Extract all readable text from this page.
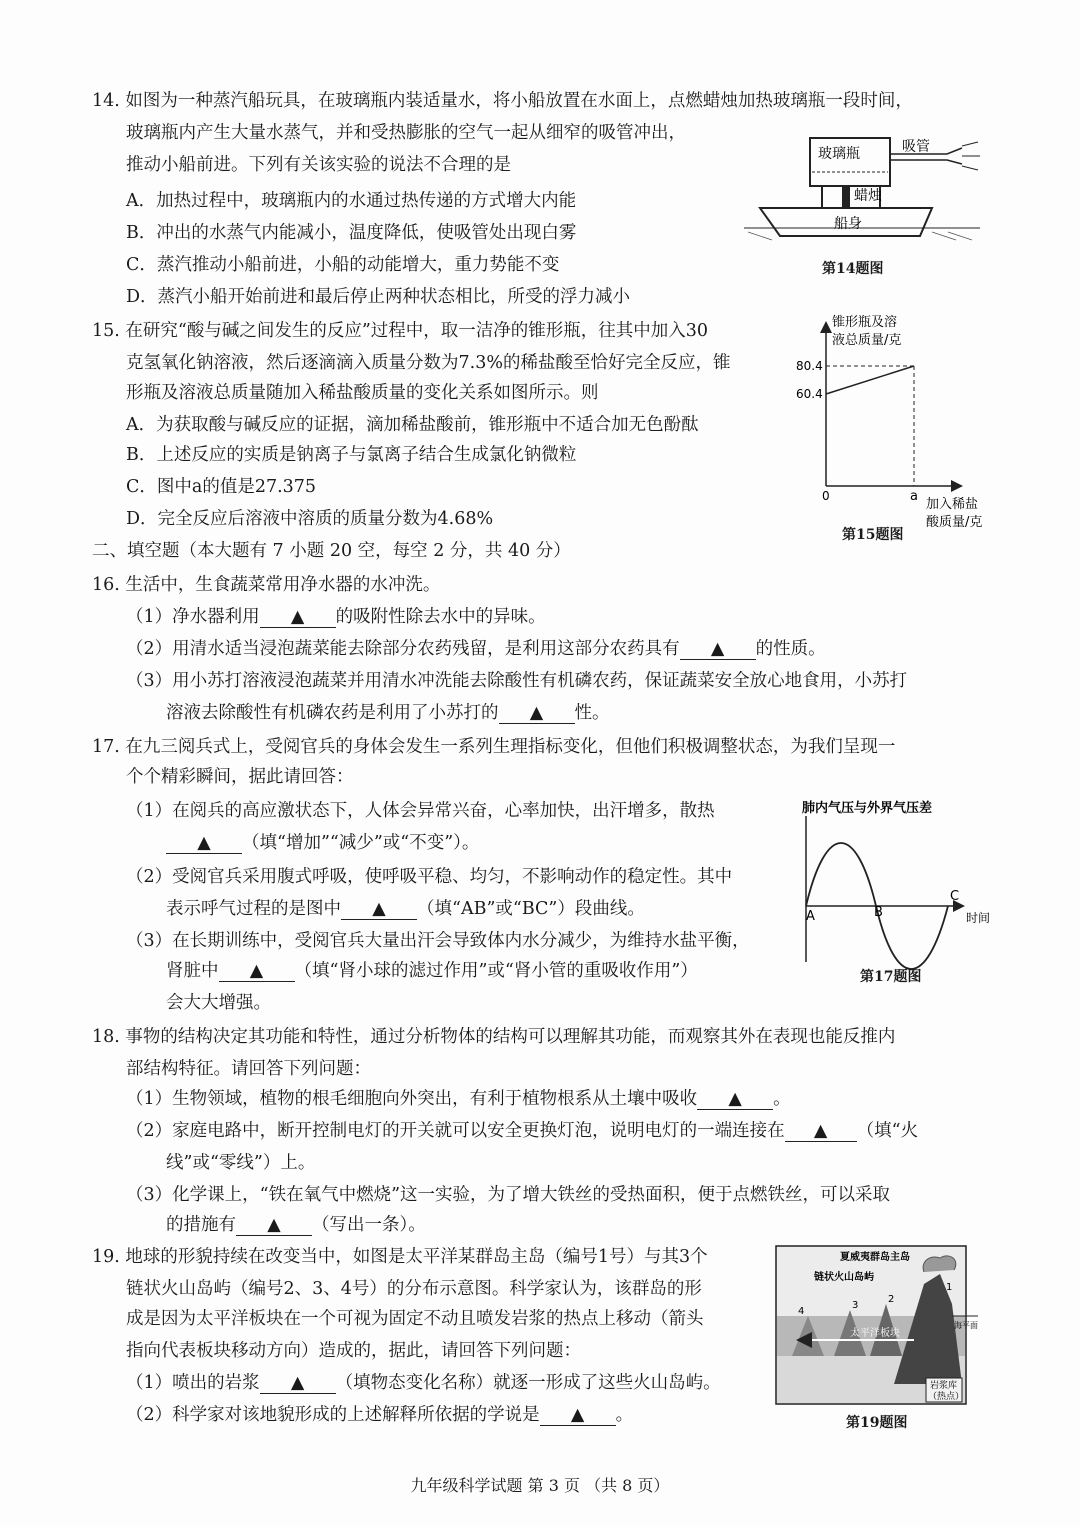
14. 如图为一种蒸汽船玩具，在玻璃瓶内装适量水，将小船放置在水面上，点燃蜡烛加热玻璃瓶一段时间，
玻璃瓶内产生大量水蒸气，并和受热膨胀的空气一起从细窄的吸管冲出，
推动小船前进。下列有关该实验的说法不合理的是
A．加热过程中，玻璃瓶内的水通过热传递的方式增大内能
B．冲出的水蒸气内能减小，温度降低，使吸管处出现白雾
C．蒸汽推动小船前进，小船的动能增大，重力势能不变
D．蒸汽小船开始前进和最后停止两种状态相比，所受的浮力减小
玻璃瓶	吸管
蜡烛
船身
第14题图
15. 在研究“酸与碱之间发生的反应”过程中，取一洁净的锥形瓶，往其中加入30
克氢氧化钠溶液，然后逐滴滴入质量分数为7.3%的稀盐酸至恰好完全反应，锥
形瓶及溶液总质量随加入稀盐酸质量的变化关系如图所示。则
A．为获取酸与碱反应的证据，滴加稀盐酸前，锥形瓶中不适合加无色酚酞
B．上述反应的实质是钠离子与氯离子结合生成氯化钠微粒
C．图中a的值是27.375
D．完全反应后溶液中溶质的质量分数为4.68%
锥形瓶及溶
液总质量/克
80.4
60.4
0	a
加入稀盐
酸质量/克
第15题图
二、填空题（本大题有 7 小题 20 空，每空 2 分，共 40 分）
16. 生活中，生食蔬菜常用净水器的水冲洗。
（1）净水器利用 ▲ 的吸附性除去水中的异味。
（2）用清水适当浸泡蔬菜能去除部分农药残留，是利用这部分农药具有 ▲ 的性质。
（3）用小苏打溶液浸泡蔬菜并用清水冲洗能去除酸性有机磷农药，保证蔬菜安全放心地食用，小苏打
溶液去除酸性有机磷农药是利用了小苏打的 ▲ 性。
17. 在九三阅兵式上，受阅官兵的身体会发生一系列生理指标变化，但他们积极调整状态，为我们呈现一
个个精彩瞬间，据此请回答：
（1）在阅兵的高应激状态下，人体会异常兴奋，心率加快，出汗增多，散热
▲ （填“增加”“减少”或“不变”）。
（2）受阅官兵采用腹式呼吸，使呼吸平稳、均匀，不影响动作的稳定性。其中
表示呼气过程的是图中 ▲ （填“AB”或“BC”）段曲线。
（3）在长期训练中，受阅官兵大量出汗会导致体内水分减少，为维持水盐平衡，
肾脏中 ▲ （填“肾小球的滤过作用”或“肾小管的重吸收作用”）
会大大增强。
肺内气压与外界气压差
A	B
C
时间
第17题图
18. 事物的结构决定其功能和特性，通过分析物体的结构可以理解其功能，而观察其外在表现也能反推内
部结构特征。请回答下列问题：
（1）生物领域，植物的根毛细胞向外突出，有利于植物根系从土壤中吸收 ▲ 。
（2）家庭电路中，断开控制电灯的开关就可以安全更换灯泡，说明电灯的一端连接在 ▲ （填“火
线”或“零线”）上。
（3）化学课上，“铁在氧气中燃烧”这一实验，为了增大铁丝的受热面积，便于点燃铁丝，可以采取
的措施有 ▲ （写出一条）。
19. 地球的形貌持续在改变当中，如图是太平洋某群岛主岛（编号1号）与其3个
链状火山岛屿（编号2、3、4号）的分布示意图。科学家认为，该群岛的形
成是因为太平洋板块在一个可视为固定不动且喷发岩浆的热点上移动（箭头
指向代表板块移动方向）造成的，据此，请回答下列问题：
（1）喷出的岩浆 ▲ （填物态变化名称）就逐一形成了这些火山岛屿。
（2）科学家对该地貌形成的上述解释所依据的学说是 ▲ 。
夏威夷群岛主岛
链状火山岛屿
太平洋板块
海平面
岩浆库
（热点）
1
2
3
4
第19题图
九年级科学试题 第 3 页 （共 8 页）
